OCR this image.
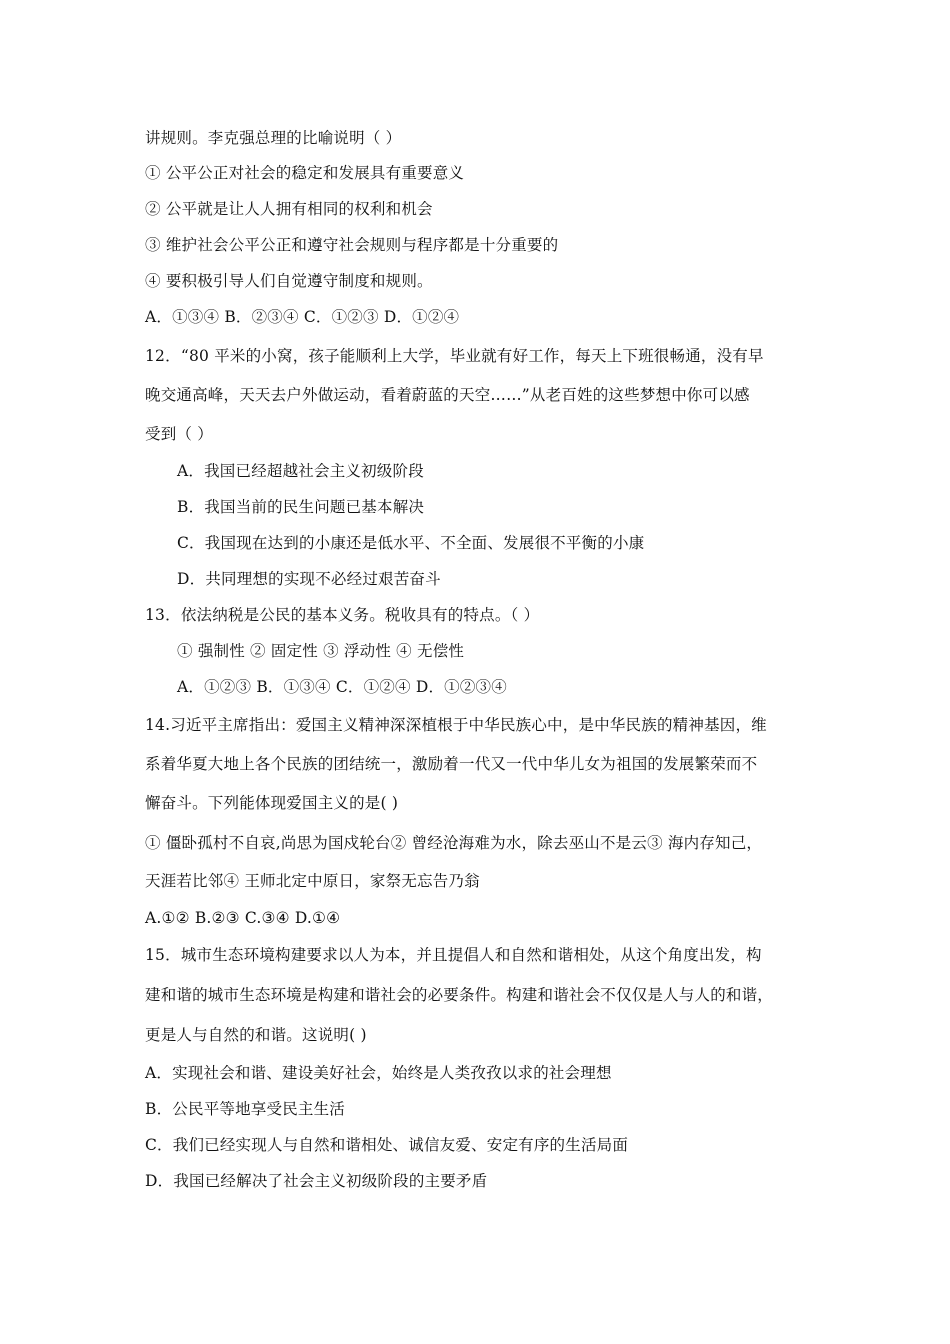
讲规则。李克强总理的比喻说明（ ）
① 公平公正对社会的稳定和发展具有重要意义
② 公平就是让人人拥有相同的权利和机会
③ 维护社会公平公正和遵守社会规则与程序都是十分重要的
④ 要积极引导人们自觉遵守制度和规则。
A．①③④ B．②③④ C．①②③ D．①②④
12．“80 平米的小窝，孩子能顺利上大学，毕业就有好工作，每天上下班很畅通，没有早
晚交通高峰，天天去户外做运动，看着蔚蓝的天空……”从老百姓的这些梦想中你可以感
受到（ ）
A．我国已经超越社会主义初级阶段
B．我国当前的民生问题已基本解决
C．我国现在达到的小康还是低水平、不全面、发展很不平衡的小康
D．共同理想的实现不必经过艰苦奋斗
13．依法纳税是公民的基本义务。税收具有的特点。（ ）
① 强制性 ② 固定性 ③ 浮动性 ④ 无偿性
A．①②③ B．①③④ C．①②④ D．①②③④
14.习近平主席指出：爱国主义精神深深植根于中华民族心中，是中华民族的精神基因，维
系着华夏大地上各个民族的团结统一，激励着一代又一代中华儿女为祖国的发展繁荣而不
懈奋斗。下列能体现爱国主义的是( )
① 僵卧孤村不自哀,尚思为国戍轮台② 曾经沧海难为水，除去巫山不是云③ 海内存知己，
天涯若比邻④ 王师北定中原日，家祭无忘告乃翁
A.①② B.②③ C.③④ D.①④
15．城市生态环境构建要求以人为本，并且提倡人和自然和谐相处，从这个角度出发，构
建和谐的城市生态环境是构建和谐社会的必要条件。构建和谐社会不仅仅是人与人的和谐，
更是人与自然的和谐。这说明( )
A．实现社会和谐、建设美好社会，始终是人类孜孜以求的社会理想
B．公民平等地享受民主生活
C．我们已经实现人与自然和谐相处、诚信友爱、安定有序的生活局面
D．我国已经解决了社会主义初级阶段的主要矛盾
